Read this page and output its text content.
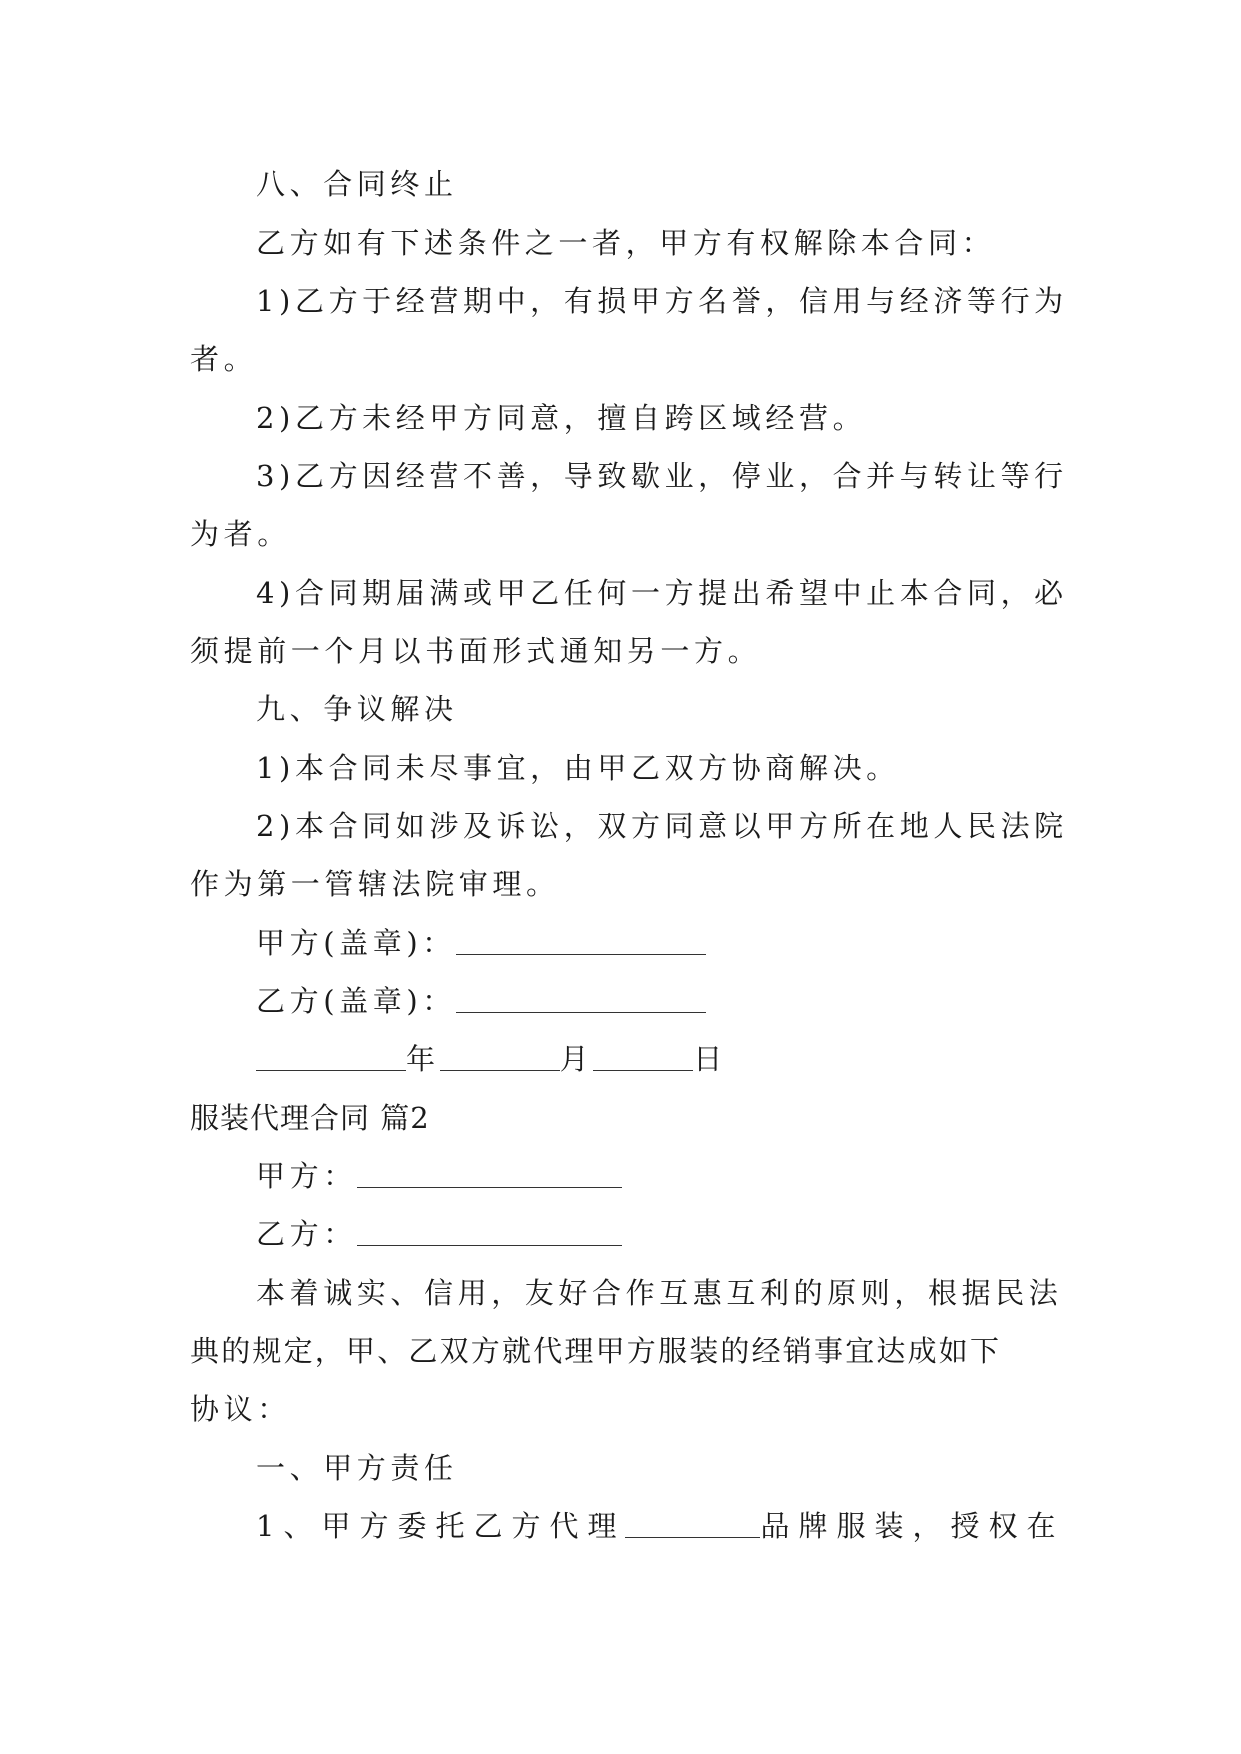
八、合同终止
乙方如有下述条件之一者，甲方有权解除本合同：
1)乙方于经营期中，有损甲方名誉，信用与经济等行为
者。
2)乙方未经甲方同意，擅自跨区域经营。
3)乙方因经营不善，导致歇业，停业，合并与转让等行
为者。
4)合同期届满或甲乙任何一方提出希望中止本合同，必
须提前一个月以书面形式通知另一方。
九、争议解决
1)本合同未尽事宜，由甲乙双方协商解决。
2)本合同如涉及诉讼，双方同意以甲方所在地人民法院
作为第一管辖法院审理。
甲方(盖章)：
乙方(盖章)：
年	月	日
服装代理合同 篇2
甲方：
乙方：
本着诚实、信用，友好合作互惠互利的原则，根据民法
典的规定，甲、乙双方就代理甲方服装的经销事宜达成如下
协议：
一、甲方责任
1、甲方委托乙方代理	品牌服装，授权在
